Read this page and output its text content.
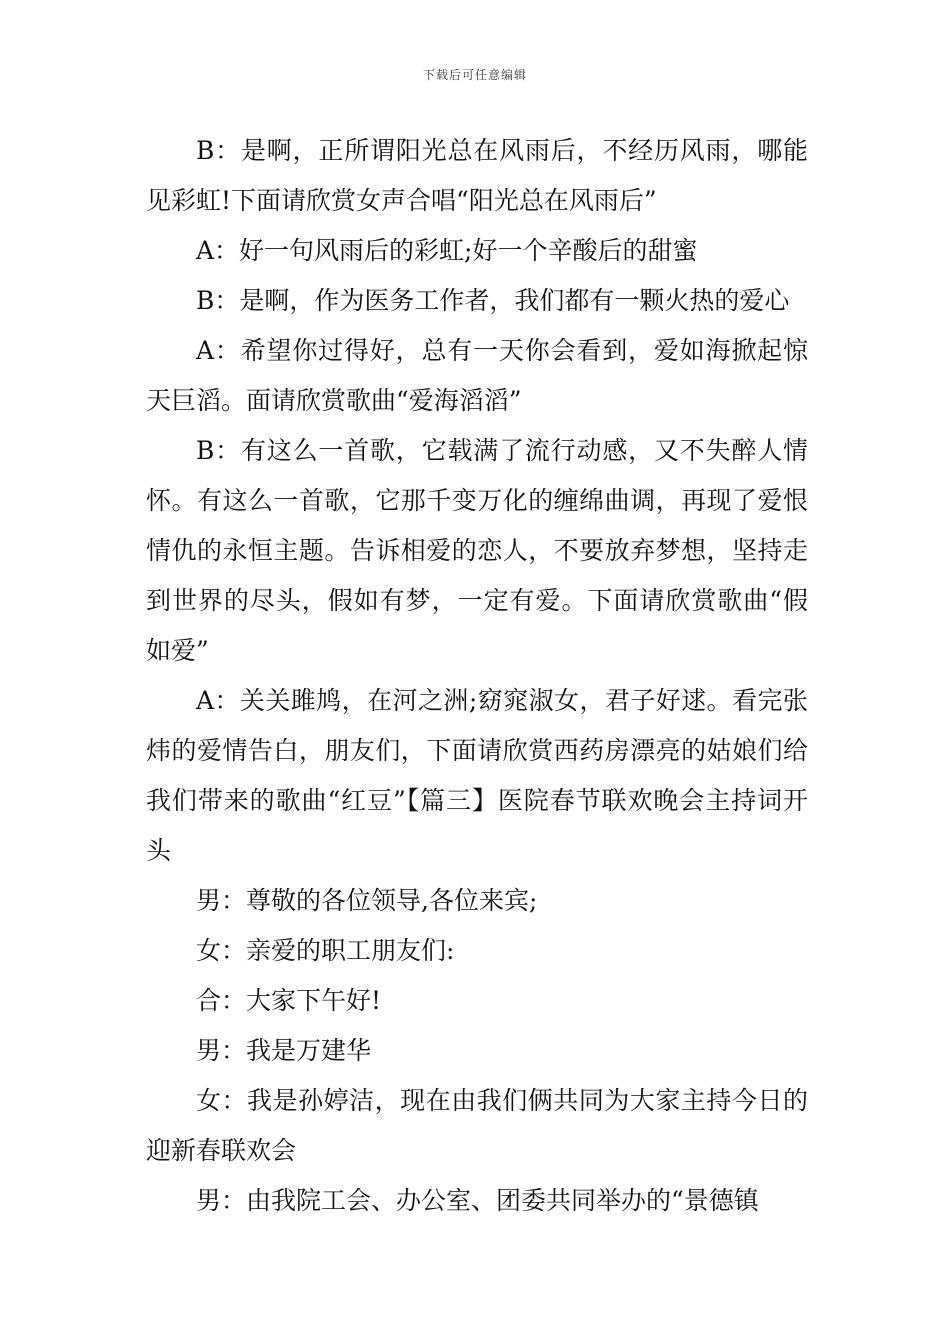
下载后可任意编辑

B：是啊，正所谓阳光总在风雨后，不经历风雨，哪能见彩虹!下面请欣赏女声合唱“阳光总在风雨后”

A：好一句风雨后的彩虹;好一个辛酸后的甜蜜

B：是啊，作为医务工作者，我们都有一颗火热的爱心

A：希望你过得好，总有一天你会看到，爱如海掀起惊天巨滔。面请欣赏歌曲“爱海滔滔”

B：有这么一首歌，它载满了流行动感，又不失醉人情怀。有这么一首歌，它那千变万化的缠绵曲调，再现了爱恨情仇的永恒主题。告诉相爱的恋人，不要放弃梦想，坚持走到世界的尽头，假如有梦，一定有爱。下面请欣赏歌曲“假如爱”

A：关关雎鸠，在河之洲;窈窕淑女，君子好逑。看完张炜的爱情告白，朋友们，下面请欣赏西药房漂亮的姑娘们给我们带来的歌曲“红豆”【篇三】医院春节联欢晚会主持词开头

男：尊敬的各位领导,各位来宾;

女：亲爱的职工朋友们:

合：大家下午好!

男：我是万建华

女：我是孙婷洁，现在由我们俩共同为大家主持今日的迎新春联欢会

男：由我院工会、办公室、团委共同举办的“景德镇
